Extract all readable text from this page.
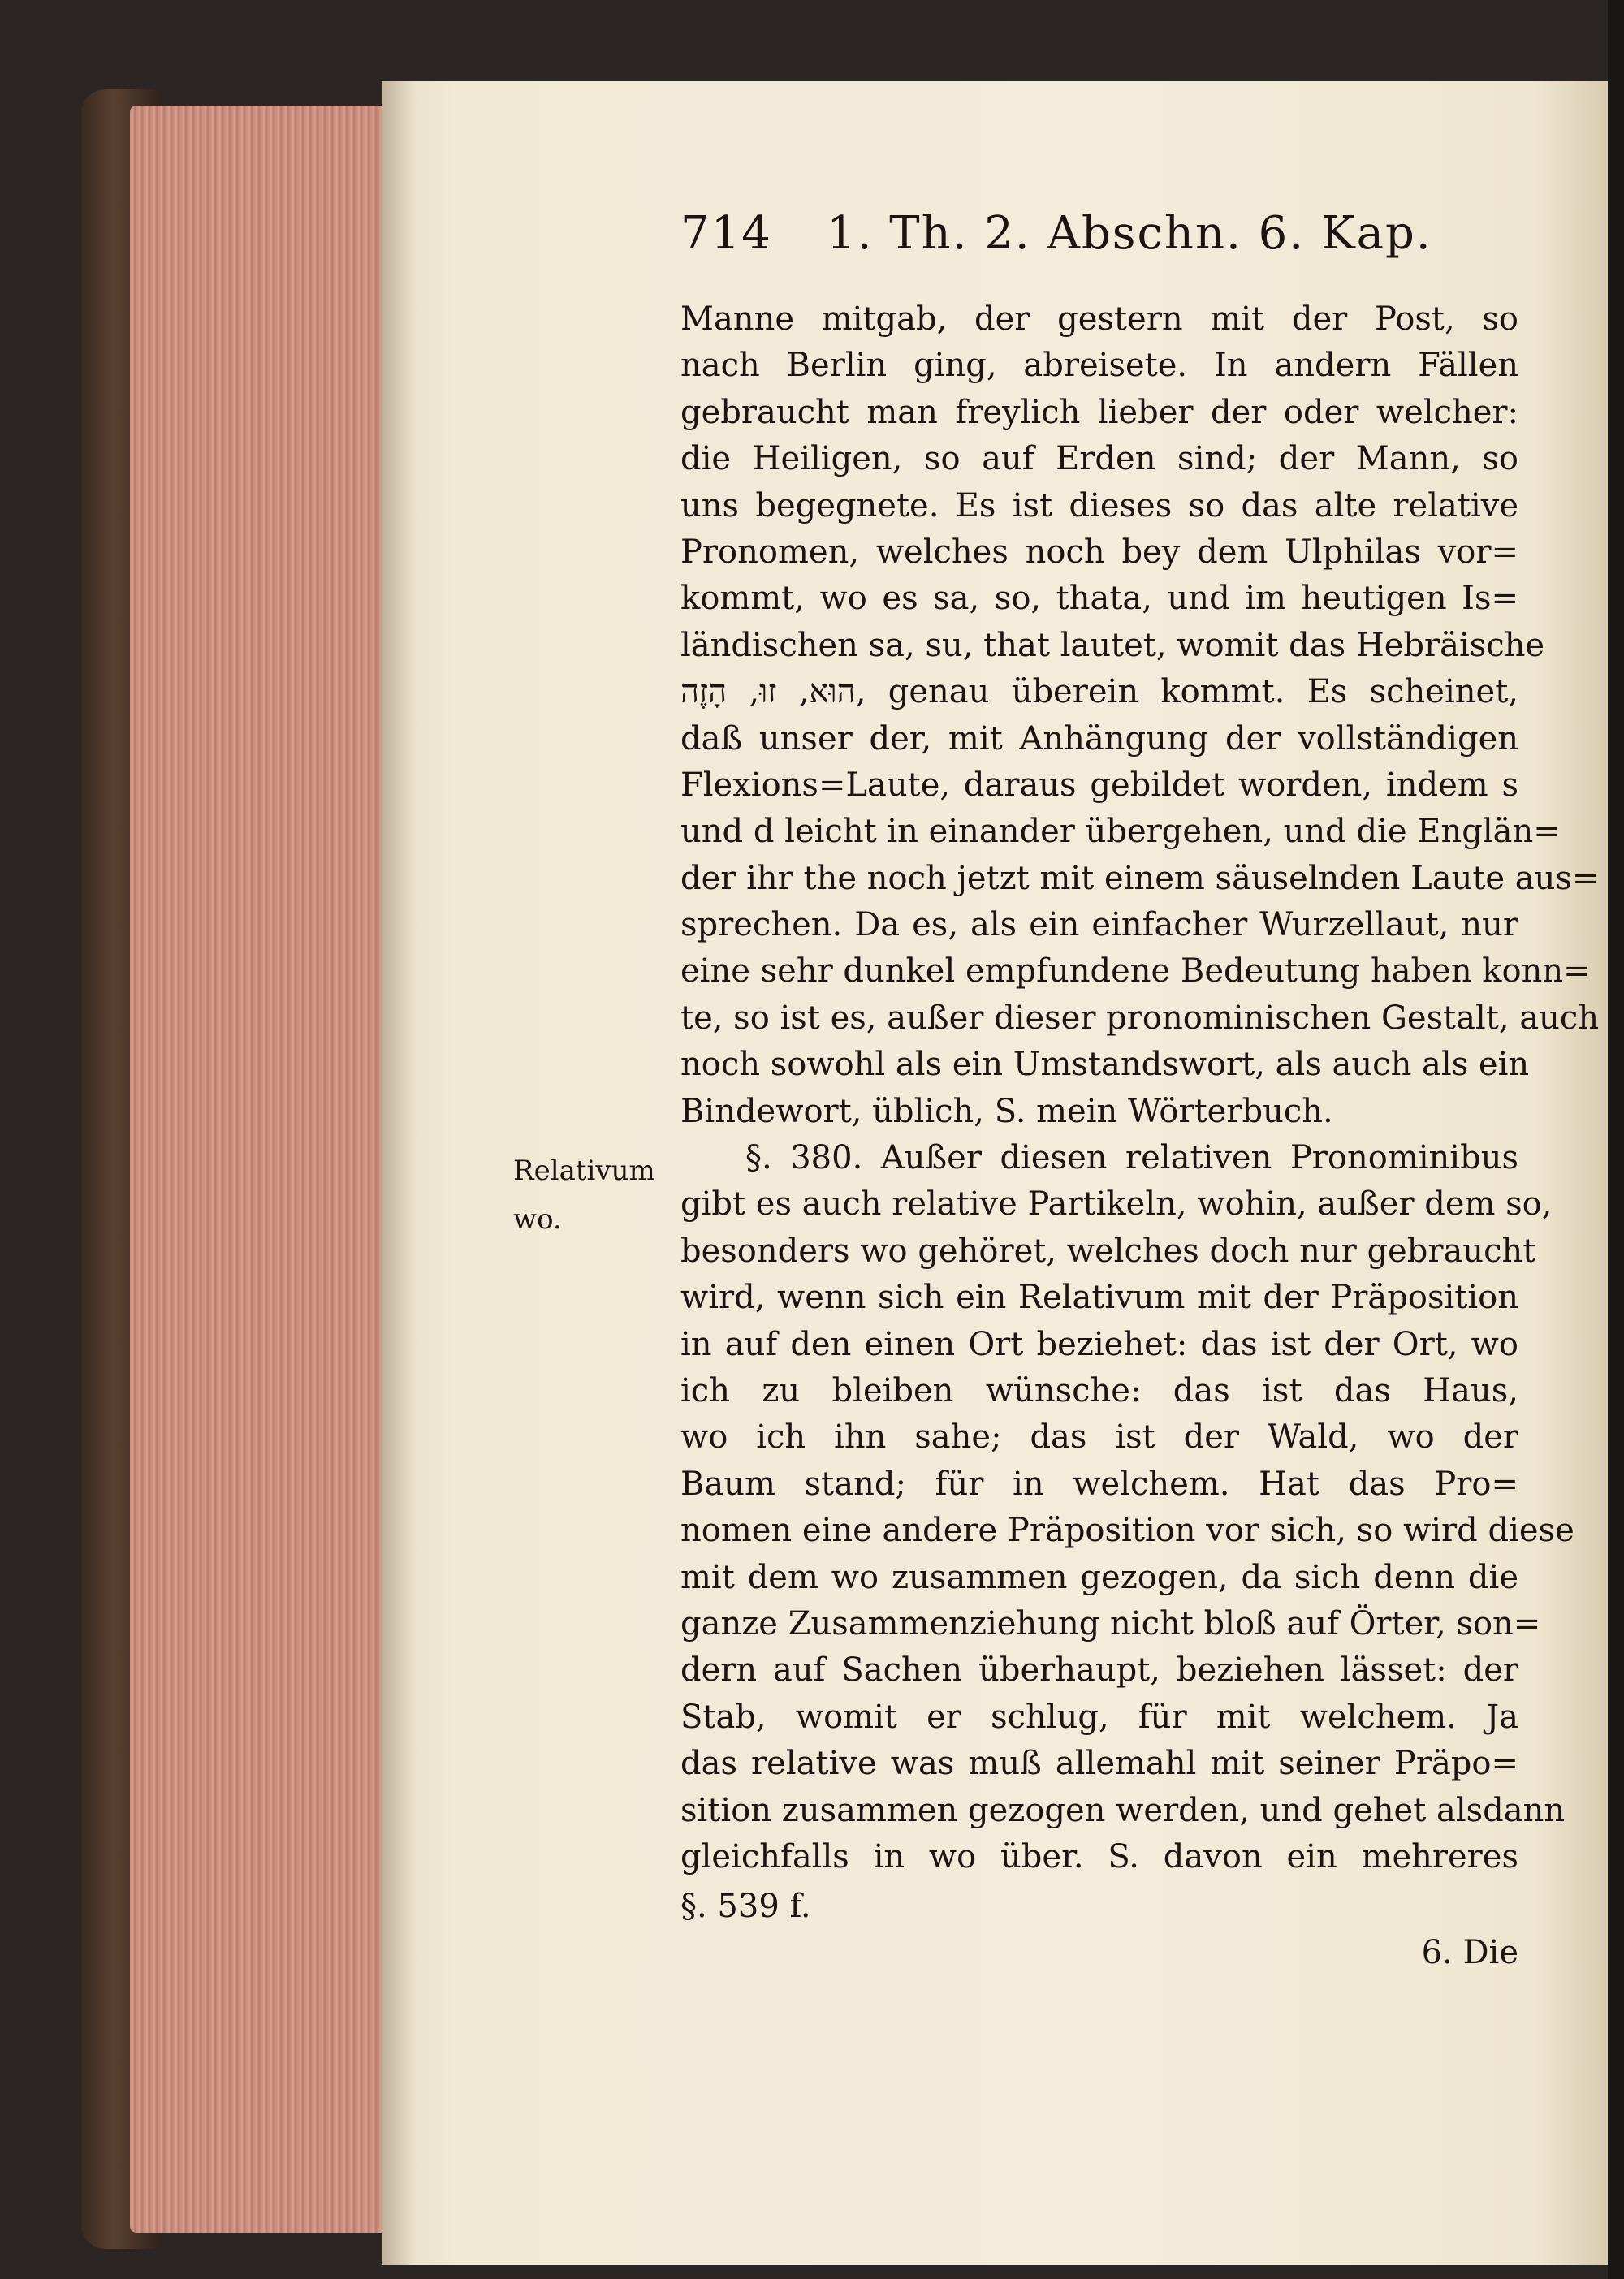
714 1. Th. 2. Abschn. 6. Kap.
Manne mitgab, der gestern mit der Post, so
nach Berlin ging, abreisete. In andern Fällen
gebraucht man freylich lieber der oder welcher:
die Heiligen, so auf Erden sind; der Mann, so
uns begegnete. Es ist dieses so das alte relative
Pronomen, welches noch bey dem Ulphilas vor=
kommt, wo es sa, so, thata, und im heutigen Is=
ländischen sa, su, that lautet, womit das Hebräische
הוּא, זוּ, הָזֶה, genau überein kommt. Es scheinet,
daß unser der, mit Anhängung der vollständigen
Flexions=Laute, daraus gebildet worden, indem s
und d leicht in einander übergehen, und die Englän=
der ihr the noch jetzt mit einem säuselnden Laute aus=
sprechen. Da es, als ein einfacher Wurzellaut, nur
eine sehr dunkel empfundene Bedeutung haben konn=
te, so ist es, außer dieser pronominischen Gestalt, auch
noch sowohl als ein Umstandswort, als auch als ein
Bindewort, üblich, S. mein Wörterbuch.
§. 380. Außer diesen relativen Pronominibus
gibt es auch relative Partikeln, wohin, außer dem so,
besonders wo gehöret, welches doch nur gebraucht
wird, wenn sich ein Relativum mit der Präposition
in auf den einen Ort beziehet: das ist der Ort, wo
ich zu bleiben wünsche: das ist das Haus,
wo ich ihn sahe; das ist der Wald, wo der
Baum stand; für in welchem. Hat das Pro=
nomen eine andere Präposition vor sich, so wird diese
mit dem wo zusammen gezogen, da sich denn die
ganze Zusammenziehung nicht bloß auf Örter, son=
dern auf Sachen überhaupt, beziehen lässet: der
Stab, womit er schlug, für mit welchem. Ja
das relative was muß allemahl mit seiner Präpo=
sition zusammen gezogen werden, und gehet alsdann
gleichfalls in wo über. S. davon ein mehreres
Relativum
wo.
§. 539 f.
6. Die
